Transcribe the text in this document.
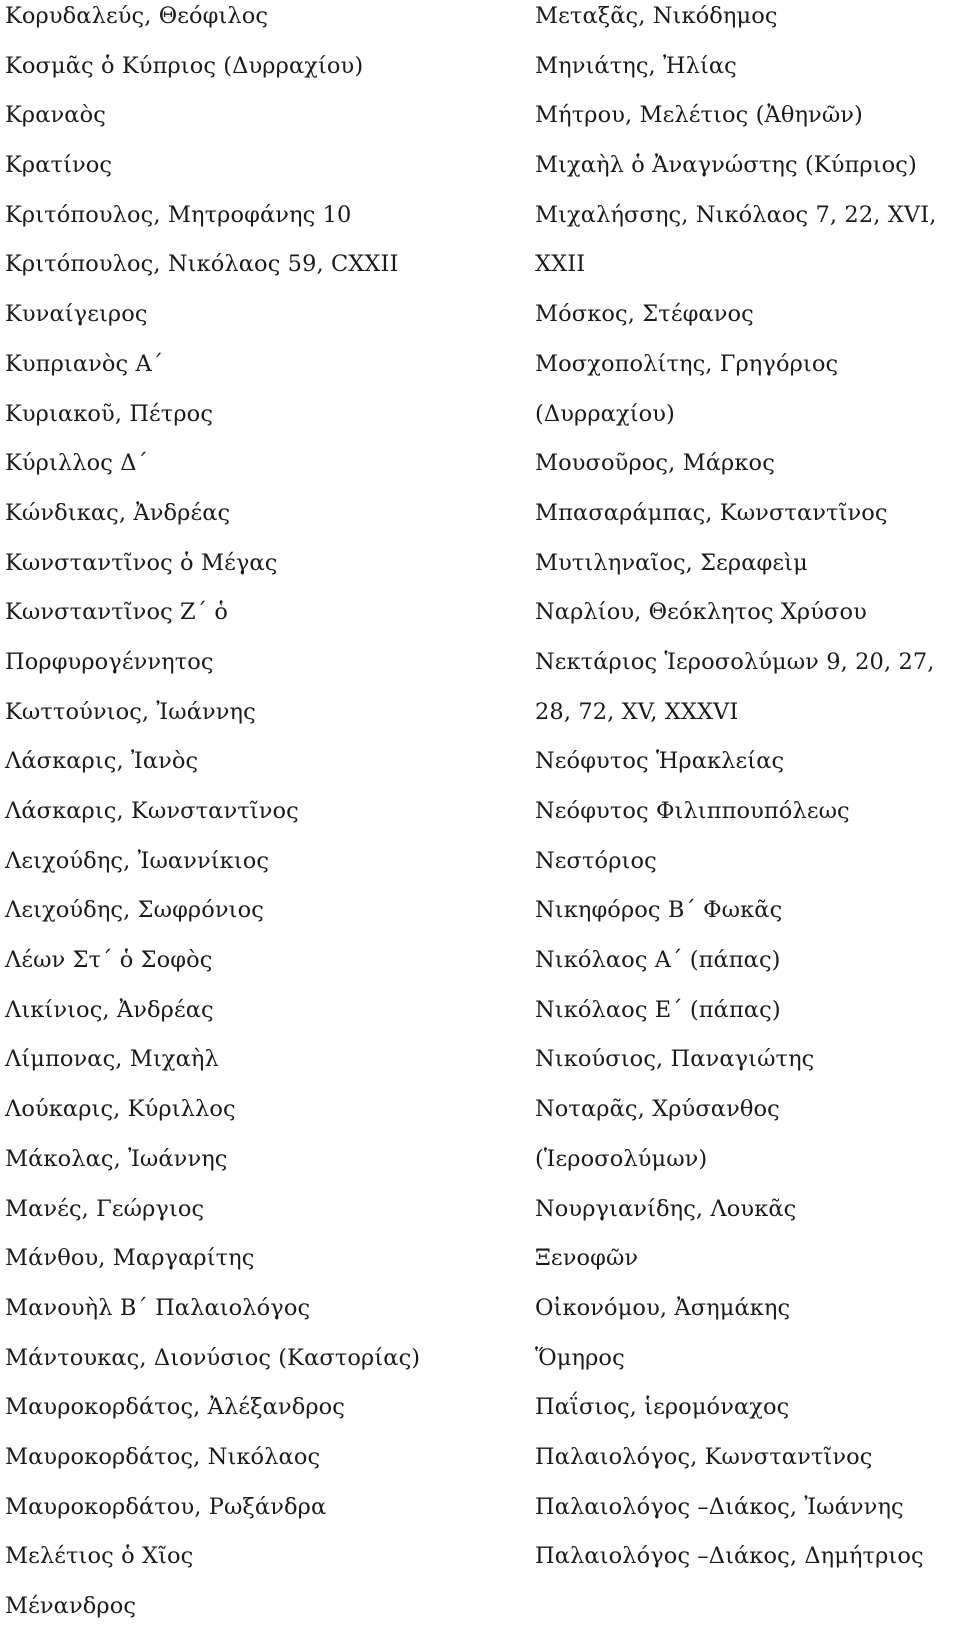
Κορυδαλεύς, Θεόφιλος
Κοσμᾶς ὁ Κύπριος (Δυρραχίου)
Κραναὸς
Κρατίνος
Κριτόπουλος, Μητροφάνης 10
Κριτόπουλος, Νικόλαος 59, CXXII
Κυναίγειρος
Κυπριανὸς Α΄
Κυριακοῦ, Πέτρος
Κύριλλος Δ΄
Κώνδικας, Ἀνδρέας
Κωνσταντῖνος ὁ Μέγας
Κωνσταντῖνος Ζ΄ ὁ
Πορφυρογέννητος
Κωττούνιος, Ἰωάννης
Λάσκαρις, Ἰανὸς
Λάσκαρις, Κωνσταντῖνος
Λειχούδης, Ἰωαννίκιος
Λειχούδης, Σωφρόνιος
Λέων Στ΄ ὁ Σοφὸς
Λικίνιος, Ἀνδρέας
Λίμπονας, Μιχαὴλ
Λούκαρις, Κύριλλος
Μάκολας, Ἰωάννης
Μανές, Γεώργιος
Μάνθου, Μαργαρίτης
Μανουὴλ Β΄ Παλαιολόγος
Μάντουκας, Διονύσιος (Καστορίας)
Μαυροκορδάτος, Ἀλέξανδρος
Μαυροκορδάτος, Νικόλαος
Μαυροκορδάτου, Ρωξάνδρα
Μελέτιος ὁ Χῖος
Μένανδρος
Μεταξᾶς, Νικόδημος
Μηνιάτης, Ἠλίας
Μήτρου, Μελέτιος (Ἀθηνῶν)
Μιχαὴλ ὁ Ἀναγνώστης (Κύπριος)
Μιχαλήσσης, Νικόλαος 7, 22, XVI,
XXII
Μόσκος, Στέφανος
Μοσχοπολίτης, Γρηγόριος
(Δυρραχίου)
Μουσοῦρος, Μάρκος
Μπασαράμπας, Κωνσταντῖνος
Μυτιληναῖος, Σεραφεὶμ
Ναρλίου, Θεόκλητος Χρύσου
Νεκτάριος Ἱεροσολύμων 9, 20, 27,
28, 72, XV, XXXVI
Νεόφυτος Ἡρακλείας
Νεόφυτος Φιλιππουπόλεως
Νεστόριος
Νικηφόρος Β΄ Φωκᾶς
Νικόλαος Α΄ (πάπας)
Νικόλαος Ε΄ (πάπας)
Νικούσιος, Παναγιώτης
Νοταρᾶς, Χρύσανθος
(Ἱεροσολύμων)
Νουργιανίδης, Λουκᾶς
Ξενοφῶν
Οἰκονόμου, Ἀσημάκης
Ὅμηρος
Παΐσιος, ἱερομόναχος
Παλαιολόγος, Κωνσταντῖνος
Παλαιολόγος –Διάκος, Ἰωάννης
Παλαιολόγος –Διάκος, Δημήτριος
